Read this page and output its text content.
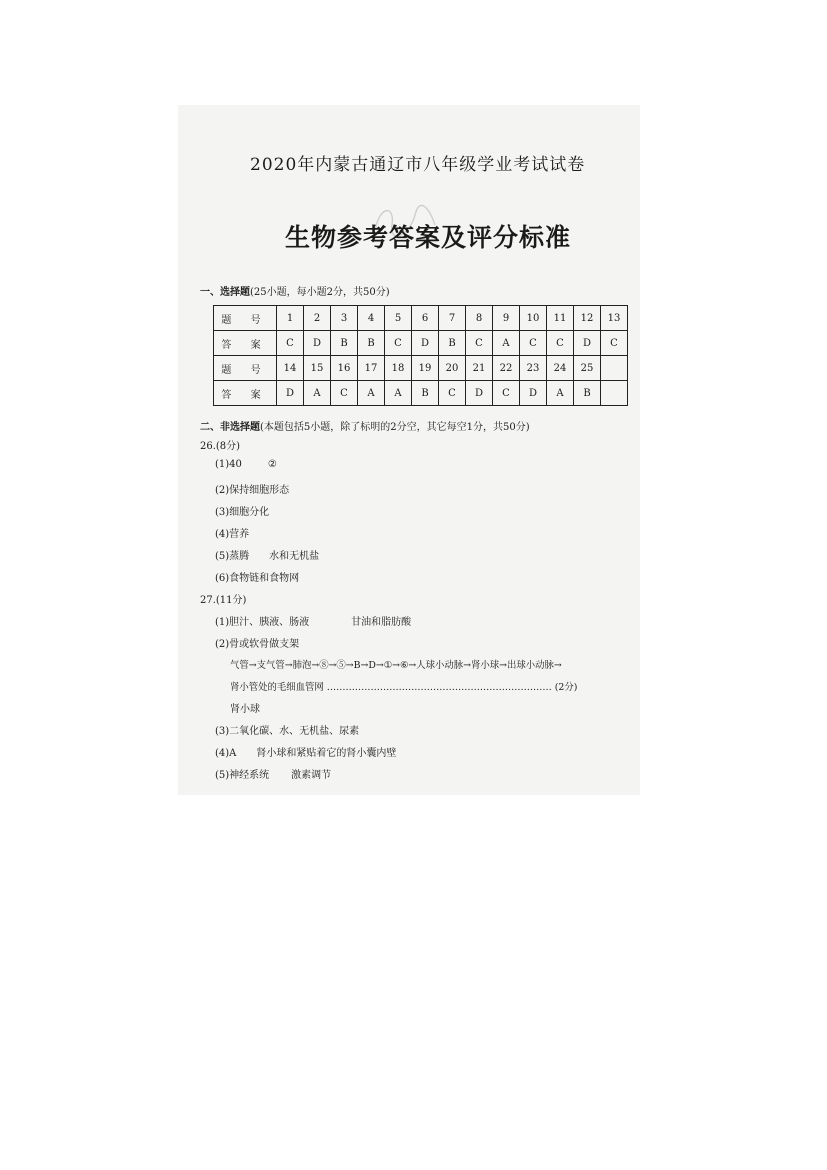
2020年内蒙古通辽市八年级学业考试试卷
生物参考答案及评分标准
一、选择题(25小题，每小题2分，共50分)
题 号	1	2	3	4	5	6	7	8	9	10	11	12	13
答 案	C	D	B	B	C	D	B	C	A	C	C	D	C
题 号	14	15	16	17	18	19	20	21	22	23	24	25	
答 案	D	A	C	A	A	B	C	D	C	D	A	B	
二、非选择题(本题包括5小题，除了标明的2分空，其它每空1分，共50分)
26.(8分)
(1)40	②
(2)保持细胞形态
(3)细胞分化
(4)营养
(5)蒸腾 水和无机盐
(6)食物链和食物网
27.(11分)
(1)胆汁、胰液、肠液	甘油和脂肪酸
(2)骨或软骨做支架
气管→支气管→肺泡→⑧→⑤→B→D→①→⑥→人球小动脉→肾小球→出球小动脉→
肾小管处的毛细血管网 ……………………………………………………………… (2分)
肾小球
(3)二氧化碳、水、无机盐、尿素
(4)A 肾小球和紧贴着它的肾小囊内壁
(5)神经系统 激素调节
